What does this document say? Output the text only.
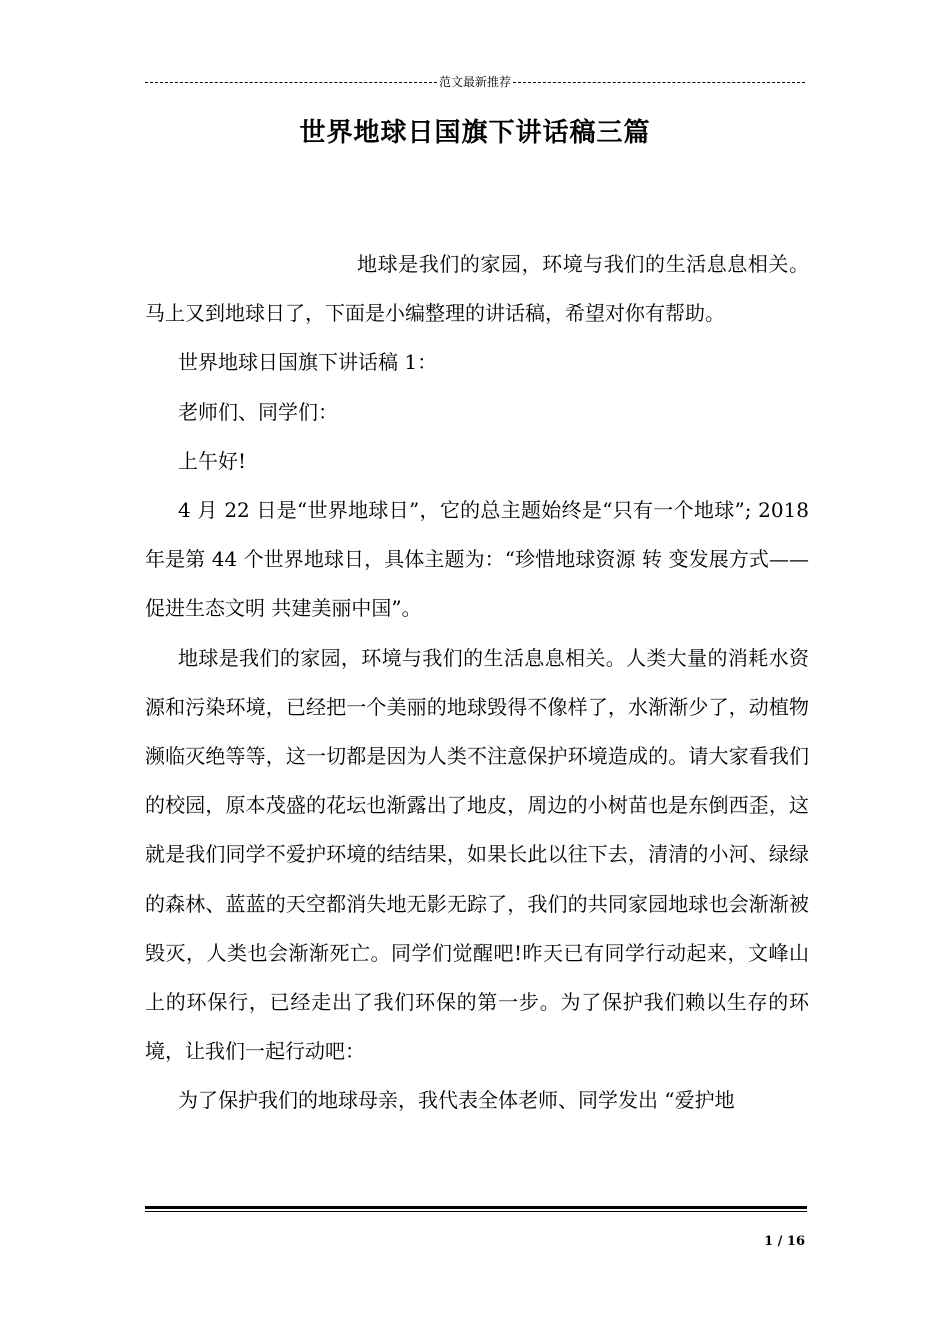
范文最新推荐
世界地球日国旗下讲话稿三篇

地球是我们的家园，环境与我们的生活息息相关。马上又到地球日了，下面是小编整理的讲话稿，希望对你有帮助。

世界地球日国旗下讲话稿 1：

老师们、同学们：

上午好!

4 月 22 日是“世界地球日”，它的总主题始终是“只有一个地球”; 2018 年是第 44 个世界地球日，具体主题为：“珍惜地球资源 转 变发展方式——促进生态文明 共建美丽中国”。

地球是我们的家园，环境与我们的生活息息相关。人类大量的消耗水资源和污染环境，已经把一个美丽的地球毁得不像样了，水渐渐少了，动植物濒临灭绝等等，这一切都是因为人类不注意保护环境造成的。请大家看我们的校园，原本茂盛的花坛也渐露出了地皮，周边的小树苗也是东倒西歪，这就是我们同学不爱护环境的结结果，如果长此以往下去，清清的小河、绿绿的森林、蓝蓝的天空都消失地无影无踪了，我们的共同家园地球也会渐渐被毁灭，人类也会渐渐死亡。同学们觉醒吧!昨天已有同学行动起来，文峰山上的环保行，已经走出了我们环保的第一步。为了保护我们赖以生存的环境，让我们一起行动吧：

为了保护我们的地球母亲，我代表全体老师、同学发出 “爱护地

1 / 16
